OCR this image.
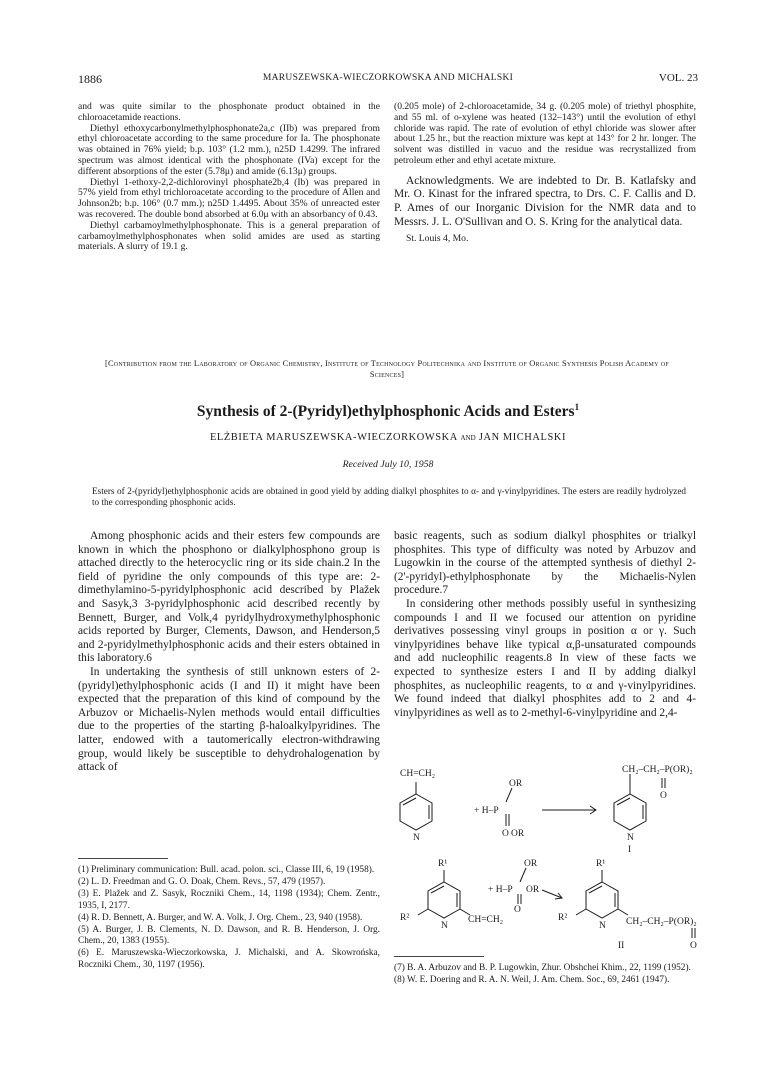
1886	MARUSZEWSKA-WIECZORKOWSKA AND MICHALSKI	VOL. 23

and was quite similar to the phosphonate product obtained in the chloroacetamide reactions.

Diethyl ethoxycarbonylmethylphosphonate2a,c (IIb) was prepared from ethyl chloroacetate according to the same procedure for Ia. The phosphonate was obtained in 76% yield; b.p. 103° (1.2 mm.), n25D 1.4299. The infrared spectrum was almost identical with the phosphonate (IVa) except for the different absorptions of the ester (5.78μ) and amide (6.13μ) groups.

Diethyl 1-ethoxy-2,2-dichlorovinyl phosphate2b,4 (Ib) was prepared in 57% yield from ethyl trichloroacetate according to the procedure of Allen and Johnson2b; b.p. 106° (0.7 mm.); n25D 1.4495. About 35% of unreacted ester was recovered. The double bond absorbed at 6.0μ with an absorbancy of 0.43.

Diethyl carbamoylmethylphosphonate. This is a general preparation of carbamoylmethylphosphonates when solid amides are used as starting materials. A slurry of 19.1 g.

(0.205 mole) of 2-chloroacetamide, 34 g. (0.205 mole) of triethyl phosphite, and 55 ml. of o-xylene was heated (132–143°) until the evolution of ethyl chloride was rapid. The rate of evolution of ethyl chloride was slower after about 1.25 hr., but the reaction mixture was kept at 143° for 2 hr. longer. The solvent was distilled in vacuo and the residue was recrystallized from petroleum ether and ethyl acetate mixture.

Acknowledgments. We are indebted to Dr. B. Katlafsky and Mr. O. Kinast for the infrared spectra, to Drs. C. F. Callis and D. P. Ames of our Inorganic Division for the NMR data and to Messrs. J. L. O'Sullivan and O. S. Kring for the analytical data.

St. Louis 4, Mo.

[Contribution from the Laboratory of Organic Chemistry, Institute of Technology Politechnika and Institute of Organic Synthesis Polish Academy of Sciences]
Synthesis of 2-(Pyridyl)ethylphosphonic Acids and Esters$^1$
ELŻBIETA MARUSZEWSKA-WIECZORKOWSKA and JAN MICHALSKI
Received July 10, 1958
Esters of 2-(pyridyl)ethylphosphonic acids are obtained in good yield by adding dialkyl phosphites to α- and γ-vinylpyridines. The esters are readily hydrolyzed to the corresponding phosphonic acids.

Among phosphonic acids and their esters few compounds are known in which the phosphono or dialkylphosphono group is attached directly to the heterocyclic ring or its side chain.2 In the field of pyridine the only compounds of this type are: 2-dimethylamino-5-pyridylphosphonic acid described by Plažek and Sasyk,3 3-pyridylphosphonic acid described recently by Bennett, Burger, and Volk,4 pyridylhydroxymethylphosphonic acids reported by Burger, Clements, Dawson, and Henderson,5 and 2-pyridylmethylphosphonic acids and their esters obtained in this laboratory.6

In undertaking the synthesis of still unknown esters of 2-(pyridyl)ethylphosphonic acids (I and II) it might have been expected that the preparation of this kind of compound by the Arbuzov or Michaelis-Nylen methods would entail difficulties due to the properties of the starting β-haloalkylpyridines. The latter, endowed with a tautomerically electron-withdrawing group, would likely be susceptible to dehydrohalogenation by attack of

basic reagents, such as sodium dialkyl phosphites or trialkyl phosphites. This type of difficulty was noted by Arbuzov and Lugowkin in the course of the attempted synthesis of diethyl 2-(2'-pyridyl)-ethylphosphonate by the Michaelis-Nylen procedure.7

In considering other methods possibly useful in synthesizing compounds I and II we focused our attention on pyridine derivatives possessing vinyl groups in position α or γ. Such vinylpyridines behave like typical α,β-unsaturated compounds and add nucleophilic reagents.8 In view of these facts we expected to synthesize esters I and II by adding dialkyl phosphites, as nucleophilic reagents, to α and γ-vinylpyridines. We found indeed that dialkyl phosphites add to 2 and 4-vinylpyridines as well as to 2-methyl-6-vinylpyridine and 2,4-

CH=CH₂
N
OR
+ H–P
O OR
CH₂–CH₂–P(OR)₂
O
N
I
R¹
R²
N
CH=CH₂
OR
+ H–P
O
OR
R¹
R²
N CH₂–CH₂–P(OR)₂
O
II

(1) Preliminary communication: Bull. acad. polon. sci., Classe III, 6, 19 (1958).

(2) L. D. Freedman and G. O. Doak, Chem. Revs., 57, 479 (1957).

(3) E. Plažek and Z. Sasyk, Roczniki Chem., 14, 1198 (1934); Chem. Zentr., 1935, I, 2177.

(4) R. D. Bennett, A. Burger, and W. A. Volk, J. Org. Chem., 23, 940 (1958).

(5) A. Burger, J. B. Clements, N. D. Dawson, and R. B. Henderson, J. Org. Chem., 20, 1383 (1955).

(6) E. Maruszewska-Wieczorkowska, J. Michalski, and A. Skowrońska, Roczniki Chem., 30, 1197 (1956).	(7) B. A. Arbuzov and B. P. Lugowkin, Zhur. Obshchei Khim., 22, 1199 (1952).

(8) W. E. Doering and R. A. N. Weil, J. Am. Chem. Soc., 69, 2461 (1947).
